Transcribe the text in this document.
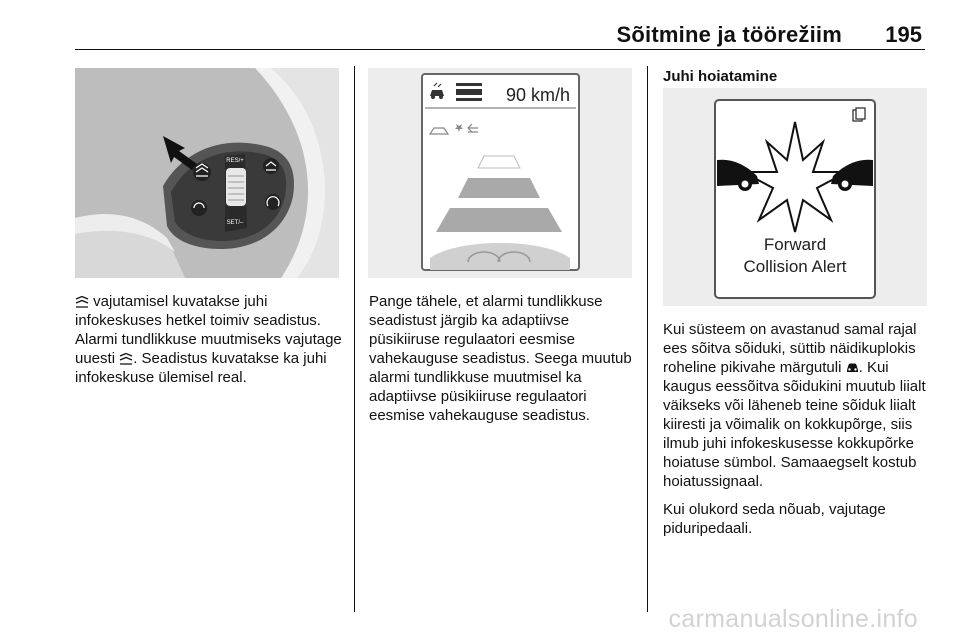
Sõitmine ja töörežiim 195
RES/+
SET/–

vajutamisel kuvatakse juhi infokeskuses hetkel toimiv seadistus. Alarmi tundlikkuse muutmiseks vajutage uuesti . Seadistus kuvatakse ka juhi infokeskuse ülemisel real.

90 km/h

Pange tähele, et alarmi tundlikkuse seadistust järgib ka adaptiivse püsikiiruse regulaatori eesmise vahekauguse seadistus. Seega muutub alarmi tundlikkuse muutmisel ka adaptiivse püsikiiruse regulaatori eesmise vahekauguse seadistus.

Juhi hoiatamine
Forward
Collision Alert

Kui süsteem on avastanud samal rajal ees sõitva sõiduki, süttib näidikuplokis roheline pikivahe märgutuli . Kui kaugus eessõitva sõidukini muutub liialt väikseks või läheneb teine sõiduk liialt kiiresti ja võimalik on kokkupõrge, siis ilmub juhi infokeskusesse kokkupõrke hoiatuse sümbol. Samaaegselt kostub hoiatussignaal.

Kui olukord seda nõuab, vajutage piduripedaali.

carmanualsonline.info
